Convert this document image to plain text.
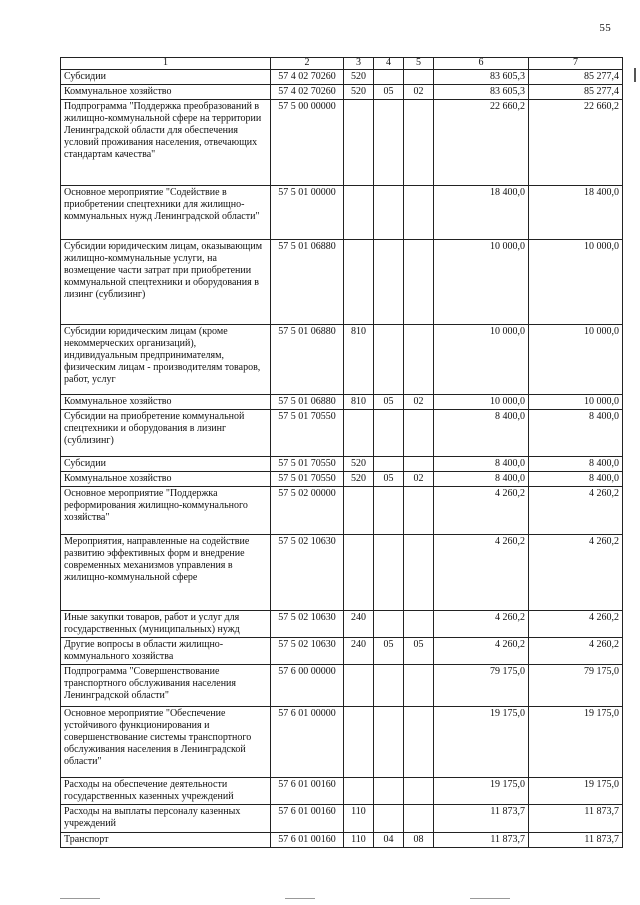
55
1	2	3	4	5	6	7
Субсидии	57 4 02 70260	520			83 605,3	85 277,4
Коммунальное хозяйство	57 4 02 70260	520	05	02	83 605,3	85 277,4
Подпрограмма "Поддержка преобразований в жилищно-коммунальной сфере на территории Ленинградской области для обеспечения условий проживания населения, отвечающих стандартам качества"	57 5 00 00000				22 660,2	22 660,2
Основное мероприятие "Содействие в приобретении спецтехники для жилищно-коммунальных нужд Ленинградской области"	57 5 01 00000				18 400,0	18 400,0
Субсидии юридическим лицам, оказывающим жилищно-коммунальные услуги, на возмещение части затрат при приобретении коммунальной спецтехники и оборудования в лизинг (сублизинг)	57 5 01 06880				10 000,0	10 000,0
Субсидии юридическим лицам (кроме некоммерческих организаций), индивидуальным предпринимателям, физическим лицам - производителям товаров, работ, услуг	57 5 01 06880	810			10 000,0	10 000,0
Коммунальное хозяйство	57 5 01 06880	810	05	02	10 000,0	10 000,0
Субсидии на приобретение коммунальной спецтехники и оборудования в лизинг (сублизинг)	57 5 01 70550				8 400,0	8 400,0
Субсидии	57 5 01 70550	520			8 400,0	8 400,0
Коммунальное хозяйство	57 5 01 70550	520	05	02	8 400,0	8 400,0
Основное мероприятие "Поддержка реформирования жилищно-коммунального хозяйства"	57 5 02 00000				4 260,2	4 260,2
Мероприятия, направленные на содействие развитию эффективных форм и внедрение современных механизмов управления в жилищно-коммунальной сфере	57 5 02 10630				4 260,2	4 260,2
Иные закупки товаров, работ и услуг для государственных (муниципальных) нужд	57 5 02 10630	240			4 260,2	4 260,2
Другие вопросы в области жилищно-коммунального хозяйства	57 5 02 10630	240	05	05	4 260,2	4 260,2
Подпрограмма "Совершенствование транспортного обслуживания населения Ленинградской области"	57 6 00 00000				79 175,0	79 175,0
Основное мероприятие "Обеспечение устойчивого функционирования и совершенствование системы транспортного обслуживания населения в Ленинградской области"	57 6 01 00000				19 175,0	19 175,0
Расходы на обеспечение деятельности государственных казенных учреждений	57 6 01 00160				19 175,0	19 175,0
Расходы на выплаты персоналу казенных учреждений	57 6 01 00160	110			11 873,7	11 873,7
Транспорт	57 6 01 00160	110	04	08	11 873,7	11 873,7
